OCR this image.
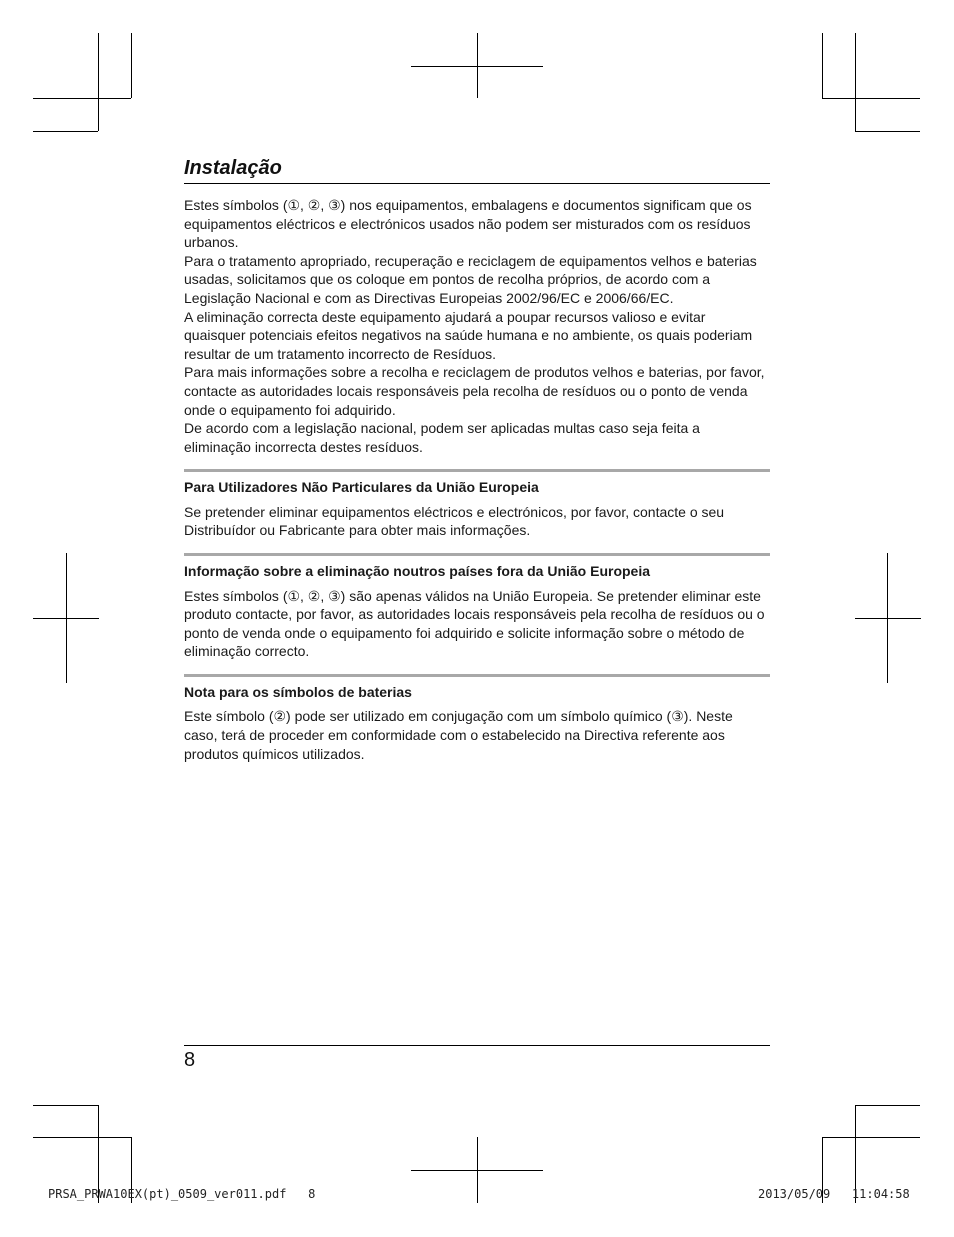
Instalação

Estes símbolos (①, ②, ③) nos equipamentos, embalagens e documentos significam que os equipamentos eléctricos e electrónicos usados não podem ser misturados com os resíduos urbanos.

Para o tratamento apropriado, recuperação e reciclagem de equipamentos velhos e baterias usadas, solicitamos que os coloque em pontos de recolha próprios, de acordo com a Legislação Nacional e com as Directivas Europeias 2002/96/EC e 2006/66/EC.

A eliminação correcta deste equipamento ajudará a poupar recursos valioso e evitar quaisquer potenciais efeitos negativos na saúde humana e no ambiente, os quais poderiam resultar de um tratamento incorrecto de Resíduos.

Para mais informações sobre a recolha e reciclagem de produtos velhos e baterias, por favor, contacte as autoridades locais responsáveis pela recolha de resíduos ou o ponto de venda onde o equipamento foi adquirido.

De acordo com a legislação nacional, podem ser aplicadas multas caso seja feita a eliminação incorrecta destes resíduos.

Para Utilizadores Não Particulares da União Europeia

Se pretender eliminar equipamentos eléctricos e electrónicos, por favor, contacte o seu Distribuídor ou Fabricante para obter mais informações.

Informação sobre a eliminação noutros países fora da União Europeia

Estes símbolos (①, ②, ③) são apenas válidos na União Europeia. Se pretender eliminar este produto contacte, por favor, as autoridades locais responsáveis pela recolha de resíduos ou o ponto de venda onde o equipamento foi adquirido e solicite informação sobre o método de eliminação correcto.

Nota para os símbolos de baterias

Este símbolo (②) pode ser utilizado em conjugação com um símbolo químico (③). Neste caso, terá de proceder em conformidade com o estabelecido na Directiva referente aos produtos químicos utilizados.

8
PRSA_PRWA10EX(pt)_0509_ver011.pdf   8	2013/05/09   11:04:58
